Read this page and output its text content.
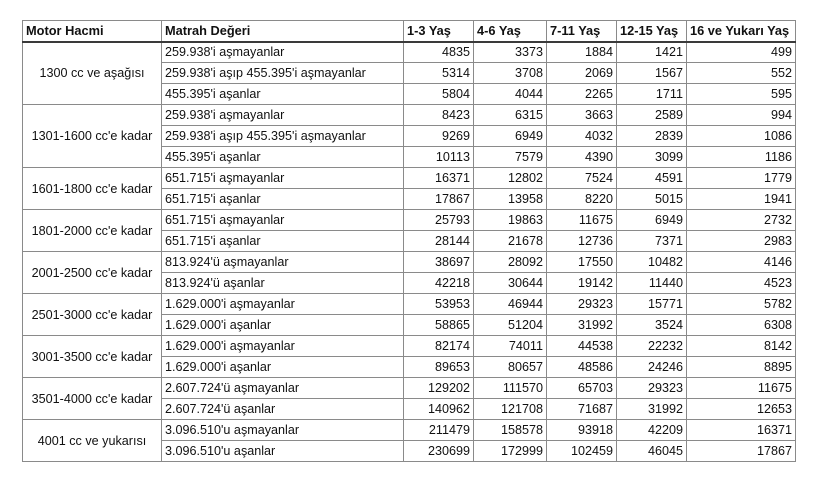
Motor Hacmi	Matrah Değeri	1-3 Yaş	4-6 Yaş	7-11 Yaş	12-15 Yaş	16 ve Yukarı Yaş
1300 cc ve aşağısı	259.938'i aşmayanlar	4835	3373	1884	1421	499
	259.938'i aşıp 455.395'i aşmayanlar	5314	3708	2069	1567	552
	455.395'i aşanlar	5804	4044	2265	1711	595
1301-1600 cc'e kadar	259.938'i aşmayanlar	8423	6315	3663	2589	994
	259.938'i aşıp 455.395'i aşmayanlar	9269	6949	4032	2839	1086
	455.395'i aşanlar	10113	7579	4390	3099	1186
1601-1800 cc'e kadar	651.715'i aşmayanlar	16371	12802	7524	4591	1779
	651.715'i aşanlar	17867	13958	8220	5015	1941
1801-2000 cc'e kadar	651.715'i aşmayanlar	25793	19863	11675	6949	2732
	651.715'i aşanlar	28144	21678	12736	7371	2983
2001-2500 cc'e kadar	813.924'ü aşmayanlar	38697	28092	17550	10482	4146
	813.924'ü aşanlar	42218	30644	19142	11440	4523
2501-3000 cc'e kadar	1.629.000'i aşmayanlar	53953	46944	29323	15771	5782
	1.629.000'i aşanlar	58865	51204	31992	3524	6308
3001-3500 cc'e kadar	1.629.000'i aşmayanlar	82174	74011	44538	22232	8142
	1.629.000'i aşanlar	89653	80657	48586	24246	8895
3501-4000 cc'e kadar	2.607.724'ü aşmayanlar	129202	111570	65703	29323	11675
	2.607.724'ü aşanlar	140962	121708	71687	31992	12653
4001 cc ve yukarısı	3.096.510'u aşmayanlar	211479	158578	93918	42209	16371
	3.096.510'u aşanlar	230699	172999	102459	46045	17867
